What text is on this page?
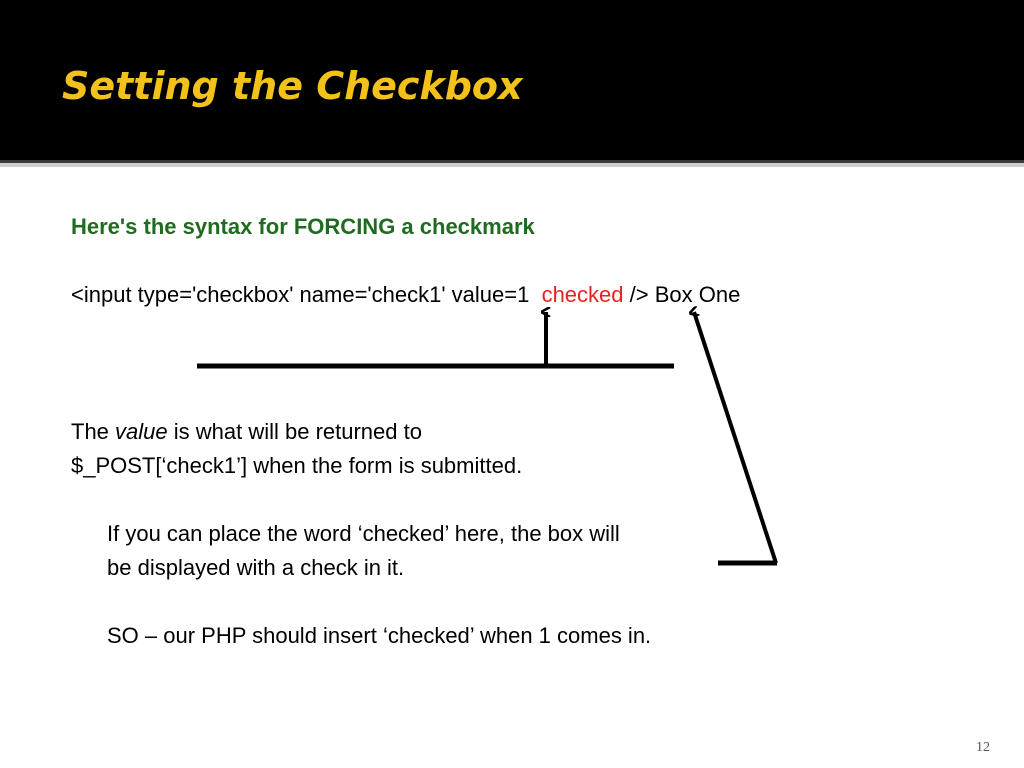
Setting the Checkbox
Here's the syntax for FORCING a checkmark
<input type='checkbox' name='check1' value=1 checked /> Box One
The value is what will be returned to
$_POST[‘check1’] when the form is submitted.
If you can place the word ‘checked’ here, the box will
be displayed with a check in it.
SO – our PHP should insert ‘checked’ when 1 comes in.
12
